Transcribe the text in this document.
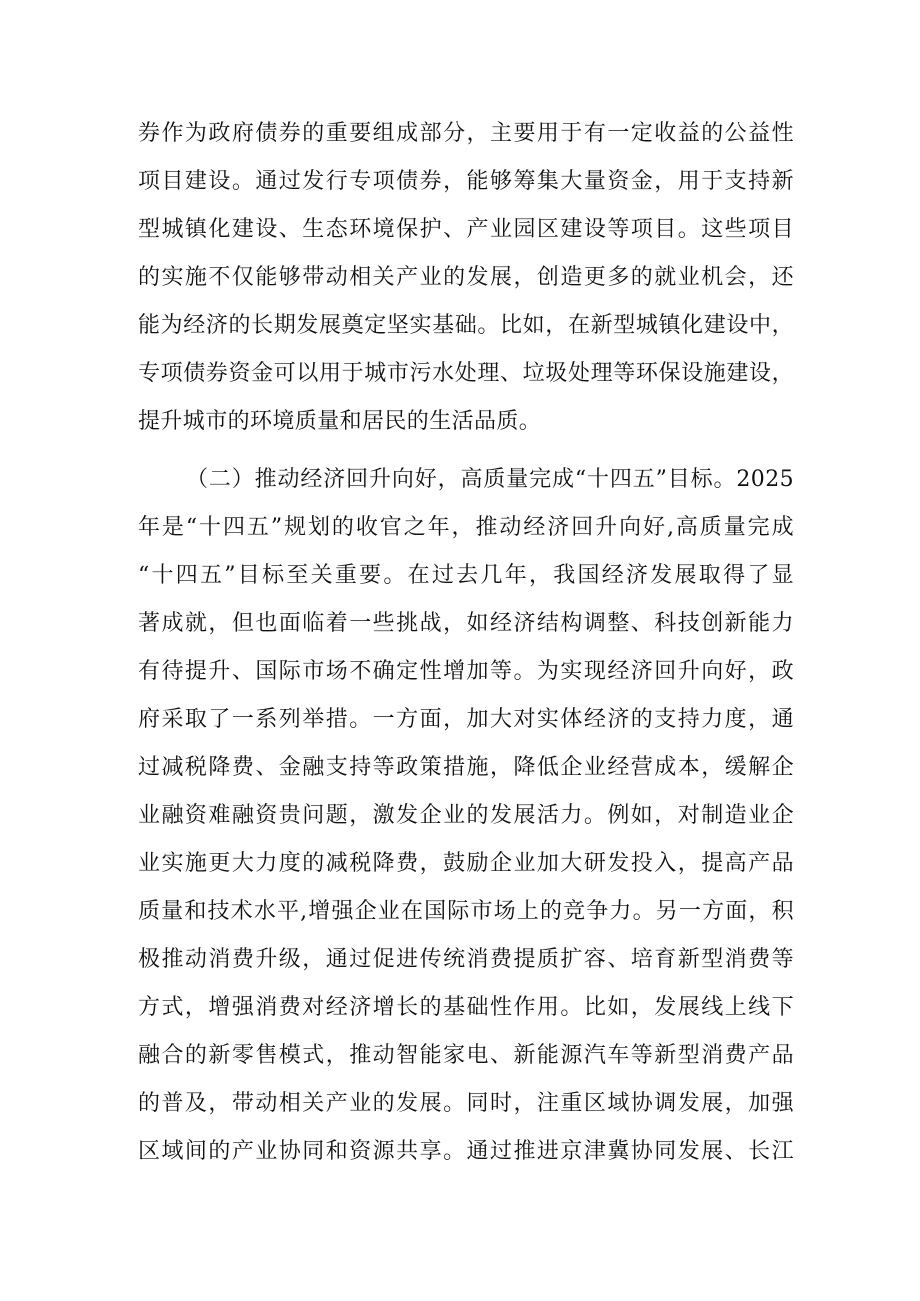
券作为政府债券的重要组成部分，主要用于有一定收益的公益性
项目建设。通过发行专项债券，能够筹集大量资金，用于支持新
型城镇化建设、生态环境保护、产业园区建设等项目。这些项目
的实施不仅能够带动相关产业的发展，创造更多的就业机会，还
能为经济的长期发展奠定坚实基础。比如，在新型城镇化建设中，
专项债券资金可以用于城市污水处理、垃圾处理等环保设施建设，
提升城市的环境质量和居民的生活品质。
（二）推动经济回升向好，高质量完成“十四五”目标。2025
年是“十四五”规划的收官之年，推动经济回升向好,高质量完成
“十四五”目标至关重要。在过去几年，我国经济发展取得了显
著成就，但也面临着一些挑战，如经济结构调整、科技创新能力
有待提升、国际市场不确定性增加等。为实现经济回升向好，政
府采取了一系列举措。一方面，加大对实体经济的支持力度，通
过减税降费、金融支持等政策措施，降低企业经营成本，缓解企
业融资难融资贵问题，激发企业的发展活力。例如，对制造业企
业实施更大力度的减税降费，鼓励企业加大研发投入，提高产品
质量和技术水平,增强企业在国际市场上的竞争力。另一方面，积
极推动消费升级，通过促进传统消费提质扩容、培育新型消费等
方式，增强消费对经济增长的基础性作用。比如，发展线上线下
融合的新零售模式，推动智能家电、新能源汽车等新型消费产品
的普及，带动相关产业的发展。同时，注重区域协调发展，加强
区域间的产业协同和资源共享。通过推进京津冀协同发展、长江
